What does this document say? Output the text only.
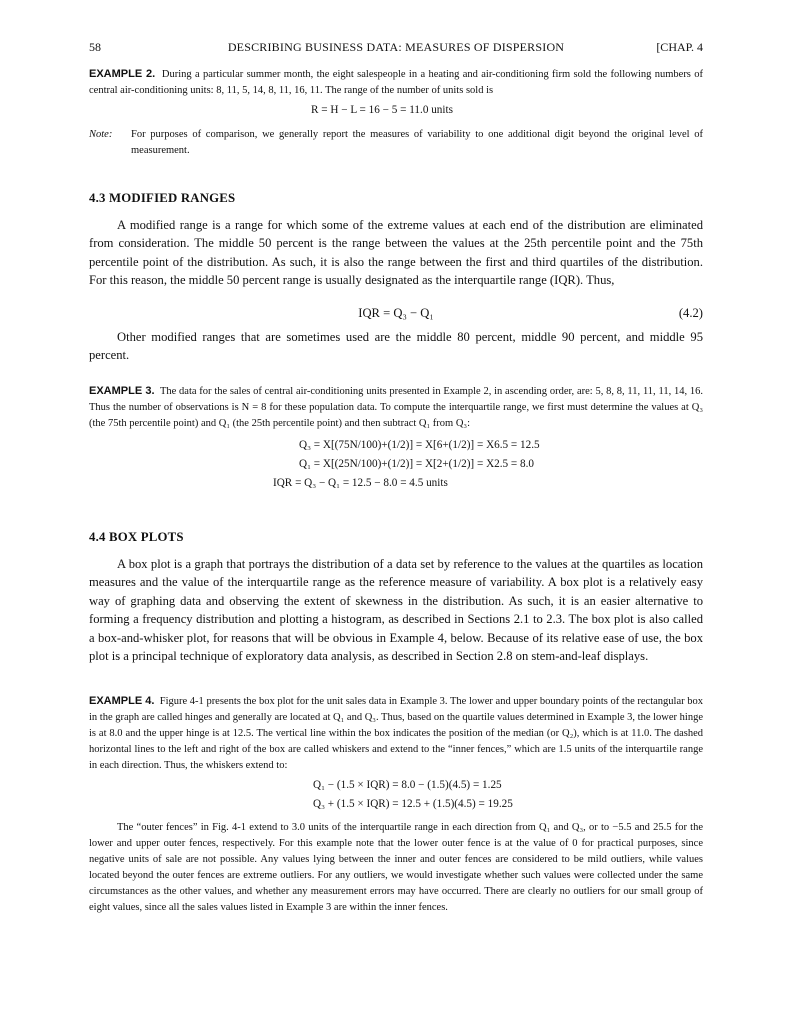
58	DESCRIBING BUSINESS DATA: MEASURES OF DISPERSION	[CHAP. 4
EXAMPLE 2. During a particular summer month, the eight salespeople in a heating and air-conditioning firm sold the following numbers of central air-conditioning units: 8, 11, 5, 14, 8, 11, 16, 11. The range of the number of units sold is
R = H − L = 16 − 5 = 11.0 units
Note: For purposes of comparison, we generally report the measures of variability to one additional digit beyond the original level of measurement.
4.3 MODIFIED RANGES
A modified range is a range for which some of the extreme values at each end of the distribution are eliminated from consideration. The middle 50 percent is the range between the values at the 25th percentile point and the 75th percentile point of the distribution. As such, it is also the range between the first and third quartiles of the distribution. For this reason, the middle 50 percent range is usually designated as the interquartile range (IQR). Thus,
IQR = Q₃ − Q₁	(4.2)
Other modified ranges that are sometimes used are the middle 80 percent, middle 90 percent, and middle 95 percent.
EXAMPLE 3. The data for the sales of central air-conditioning units presented in Example 2, in ascending order, are: 5, 8, 8, 11, 11, 11, 14, 16. Thus the number of observations is N = 8 for these population data. To compute the interquartile range, we first must determine the values at Q₃ (the 75th percentile point) and Q₁ (the 25th percentile point) and then subtract Q₁ from Q₃:
Q₃ = X[(75N/100)+(1/2)] = X[6+(1/2)] = X6.5 = 12.5
Q₁ = X[(25N/100)+(1/2)] = X[2+(1/2)] = X2.5 = 8.0
IQR = Q₃ − Q₁ = 12.5 − 8.0 = 4.5 units
4.4 BOX PLOTS
A box plot is a graph that portrays the distribution of a data set by reference to the values at the quartiles as location measures and the value of the interquartile range as the reference measure of variability. A box plot is a relatively easy way of graphing data and observing the extent of skewness in the distribution. As such, it is an easier alternative to forming a frequency distribution and plotting a histogram, as described in Sections 2.1 to 2.3. The box plot is also called a box-and-whisker plot, for reasons that will be obvious in Example 4, below. Because of its relative ease of use, the box plot is a principal technique of exploratory data analysis, as described in Section 2.8 on stem-and-leaf displays.
EXAMPLE 4. Figure 4-1 presents the box plot for the unit sales data in Example 3. The lower and upper boundary points of the rectangular box in the graph are called hinges and generally are located at Q₁ and Q₃. Thus, based on the quartile values determined in Example 3, the lower hinge is at 8.0 and the upper hinge is at 12.5. The vertical line within the box indicates the position of the median (or Q₂), which is at 11.0. The dashed horizontal lines to the left and right of the box are called whiskers and extend to the “inner fences,” which are 1.5 units of the interquartile range in each direction. Thus, the whiskers extend to:
Q₁ − (1.5 × IQR) = 8.0 − (1.5)(4.5) = 1.25
Q₃ + (1.5 × IQR) = 12.5 + (1.5)(4.5) = 19.25
The “outer fences” in Fig. 4-1 extend to 3.0 units of the interquartile range in each direction from Q₁ and Q₃, or to −5.5 and 25.5 for the lower and upper outer fences, respectively. For this example note that the lower outer fence is at the value of 0 for practical purposes, since negative units of sale are not possible. Any values lying between the inner and outer fences are considered to be mild outliers, while values located beyond the outer fences are extreme outliers. For any outliers, we would investigate whether such values were collected under the same circumstances as the other values, and whether any measurement errors may have occurred. There are clearly no outliers for our small group of eight values, since all the sales values listed in Example 3 are within the inner fences.
